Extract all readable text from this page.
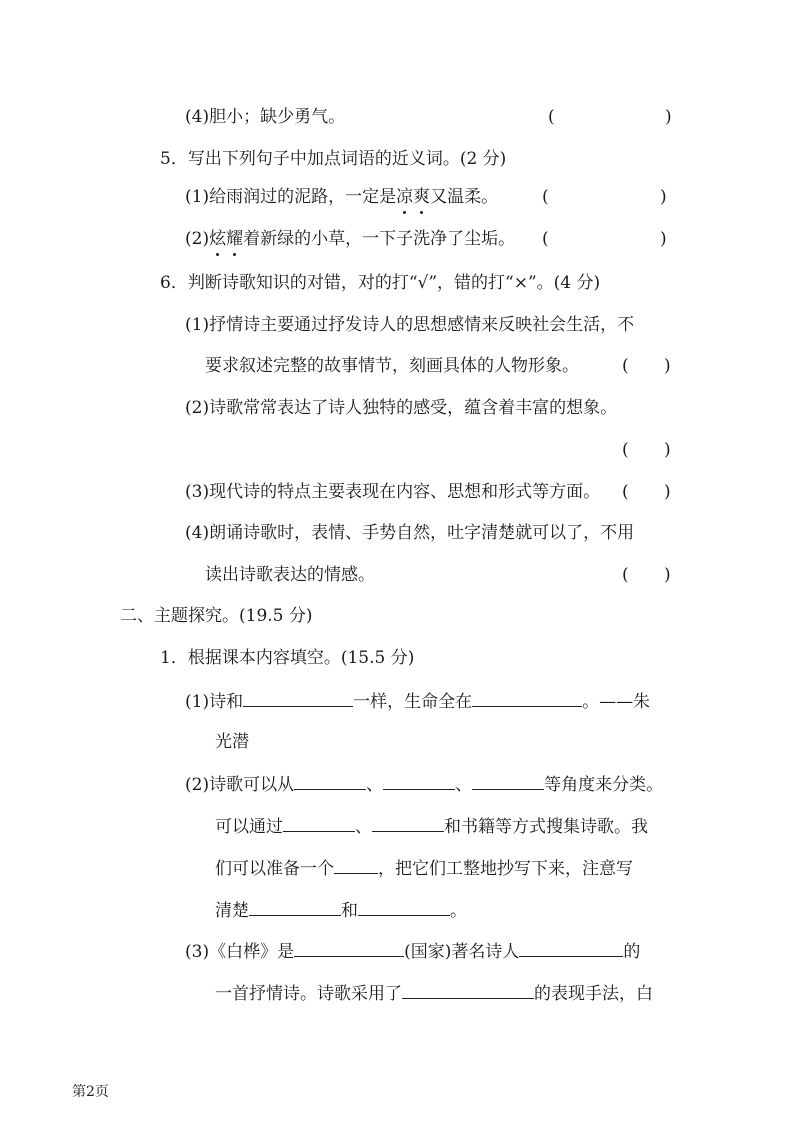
(4)胆小；缺少勇气。	(	)
5．写出下列句子中加点词语的近义词。(2 分)
(1)给雨润过的泥路，一定是凉爽又温柔。	(	)
(2)炫耀着新绿的小草，一下子洗净了尘垢。 (	)
6．判断诗歌知识的对错，对的打“√”，错的打“×”。(4 分)
(1)抒情诗主要通过抒发诗人的思想感情来反映社会生活，不
要求叙述完整的故事情节，刻画具体的人物形象。	( )
(2)诗歌常常表达了诗人独特的感受，蕴含着丰富的想象。
( )
(3)现代诗的特点主要表现在内容、思想和形式等方面。 ( )
(4)朗诵诗歌时，表情、手势自然，吐字清楚就可以了，不用
读出诗歌表达的情感。	( )
二、主题探究。(19.5 分)
1．根据课本内容填空。(15.5 分)
(1)诗和	一样，生命全在	。——朱
光潜
(2)诗歌可以从	、	、	等角度来分类。
可以通过	、	和书籍等方式搜集诗歌。我
们可以准备一个	，把它们工整地抄写下来，注意写
清楚	和	。
(3)《白桦》是	(国家)著名诗人	的
一首抒情诗。诗歌采用了	的表现手法，白
第2页
